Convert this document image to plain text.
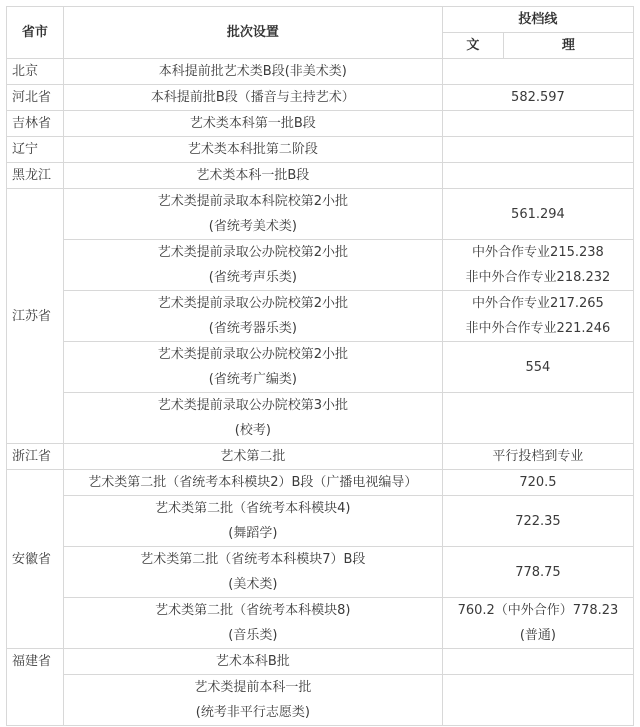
省市	批次设置	投档线	
		文	理
北京	本科提前批艺术类B段(非美术类)		

河北省	本科提前批B段（播音与主持艺术）	582.597	

吉林省	艺术类本科第一批B段		

辽宁	艺术类本科批第二阶段		

黑龙江	艺术类本科一批B段		

江苏省	艺术类提前录取本科院校第2小批
(省统考美术类)	561.294	

	艺术类提前录取公办院校第2小批
(省统考声乐类)	中外合作专业215.238
非中外合作专业218.232	

	艺术类提前录取公办院校第2小批
(省统考器乐类)	中外合作专业217.265
非中外合作专业221.246	

	艺术类提前录取公办院校第2小批
(省统考广编类)	554	

	艺术类提前录取公办院校第3小批
(校考)		

浙江省	艺术第二批	平行投档到专业	

安徽省	艺术类第二批（省统考本科模块2）B段（广播电视编导）	720.5	

	艺术类第二批（省统考本科模块4)
(舞蹈学)	722.35	

	艺术类第二批（省统考本科模块7）B段
(美术类)	778.75	

	艺术类第二批（省统考本科模块8)
(音乐类)	760.2（中外合作）778.23
(普通)	

福建省	艺术本科B批		

	艺术类提前本科一批
(统考非平行志愿类)		
